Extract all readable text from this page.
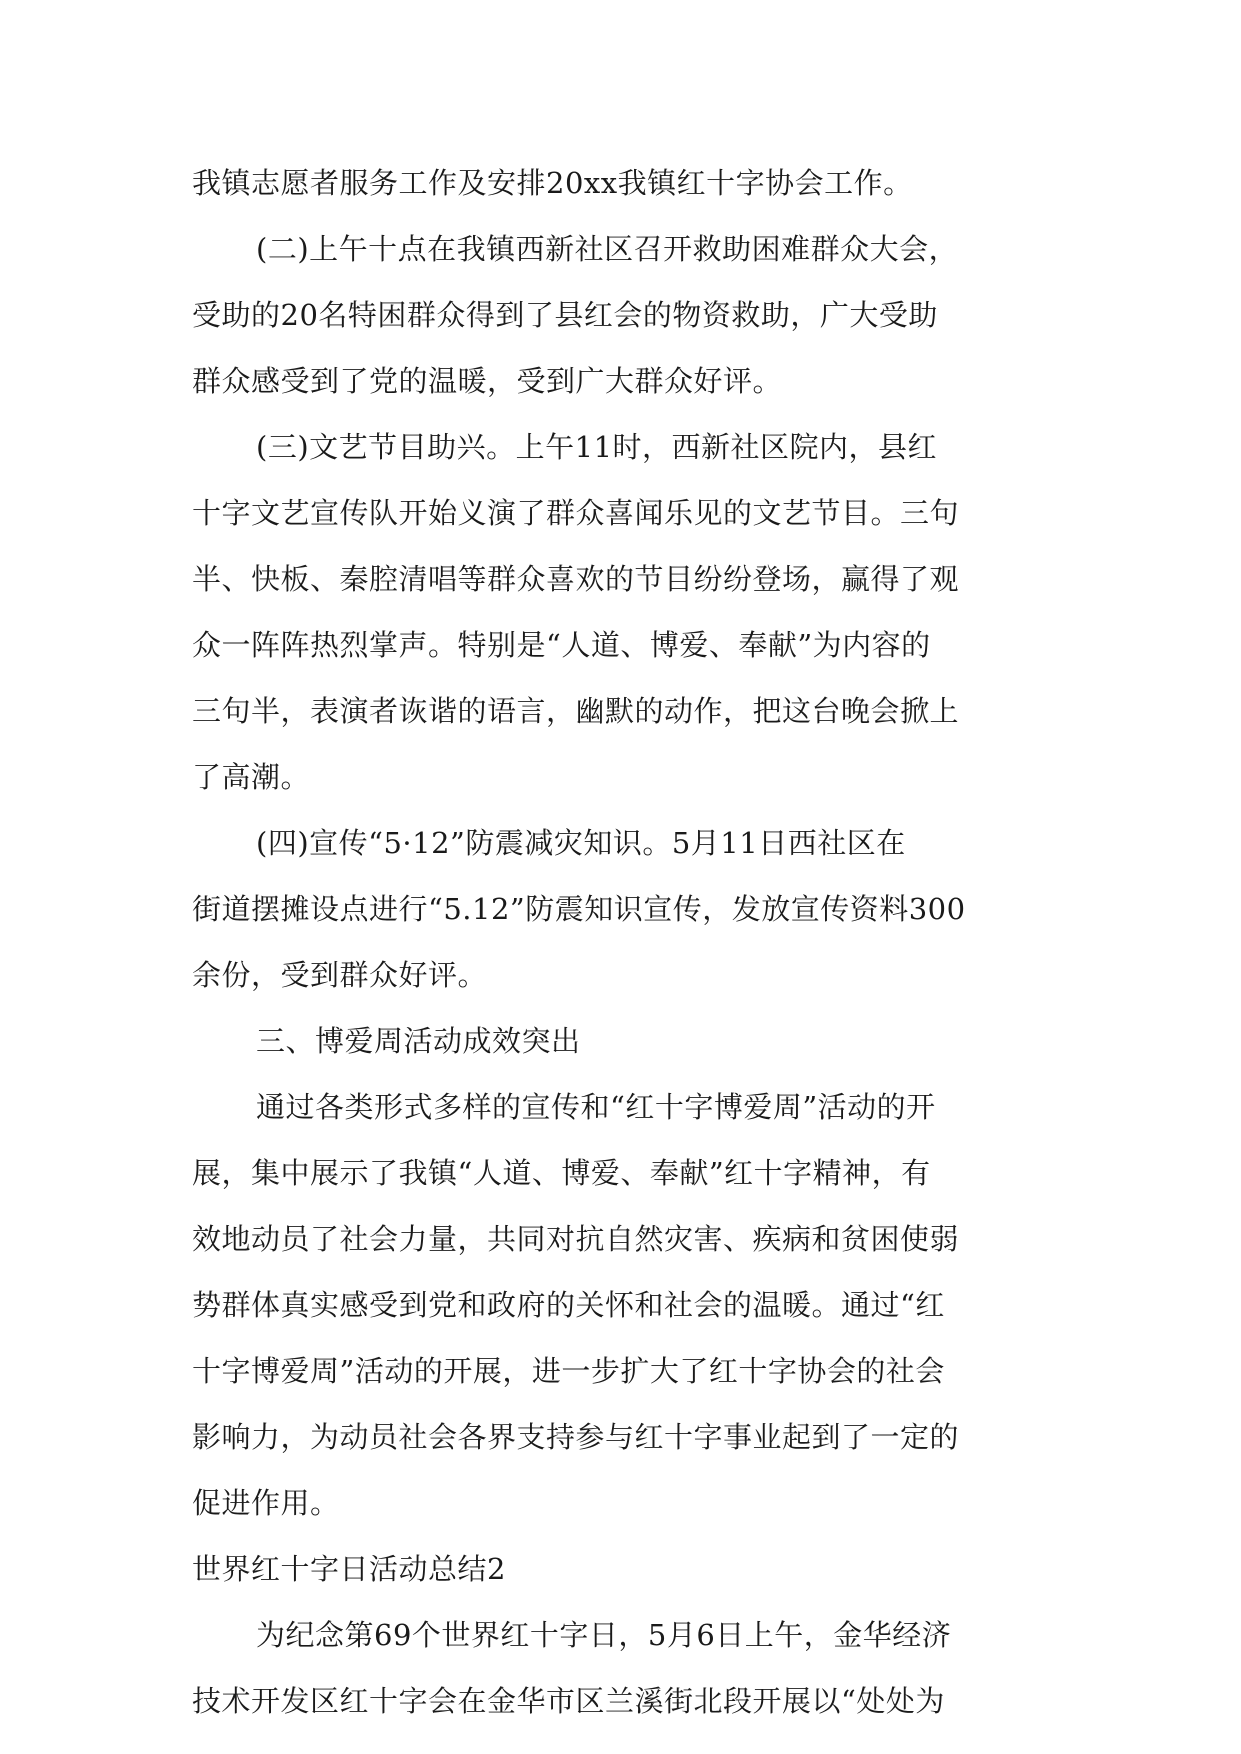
我镇志愿者服务工作及安排20xx我镇红十字协会工作。
(二)上午十点在我镇西新社区召开救助困难群众大会，
受助的20名特困群众得到了县红会的物资救助，广大受助
群众感受到了党的温暖，受到广大群众好评。
(三)文艺节目助兴。上午11时，西新社区院内，县红
十字文艺宣传队开始义演了群众喜闻乐见的文艺节目。三句
半、快板、秦腔清唱等群众喜欢的节目纷纷登场，赢得了观
众一阵阵热烈掌声。特别是“人道、博爱、奉献”为内容的
三句半，表演者诙谐的语言，幽默的动作，把这台晚会掀上
了高潮。
(四)宣传“5·12”防震减灾知识。5月11日西社区在
街道摆摊设点进行“5.12”防震知识宣传，发放宣传资料300
余份，受到群众好评。
三、博爱周活动成效突出
通过各类形式多样的宣传和“红十字博爱周”活动的开
展，集中展示了我镇“人道、博爱、奉献”红十字精神，有
效地动员了社会力量，共同对抗自然灾害、疾病和贫困使弱
势群体真实感受到党和政府的关怀和社会的温暖。通过“红
十字博爱周”活动的开展，进一步扩大了红十字协会的社会
影响力，为动员社会各界支持参与红十字事业起到了一定的
促进作用。
世界红十字日活动总结2
为纪念第69个世界红十字日，5月6日上午，金华经济
技术开发区红十字会在金华市区兰溪街北段开展以“处处为
